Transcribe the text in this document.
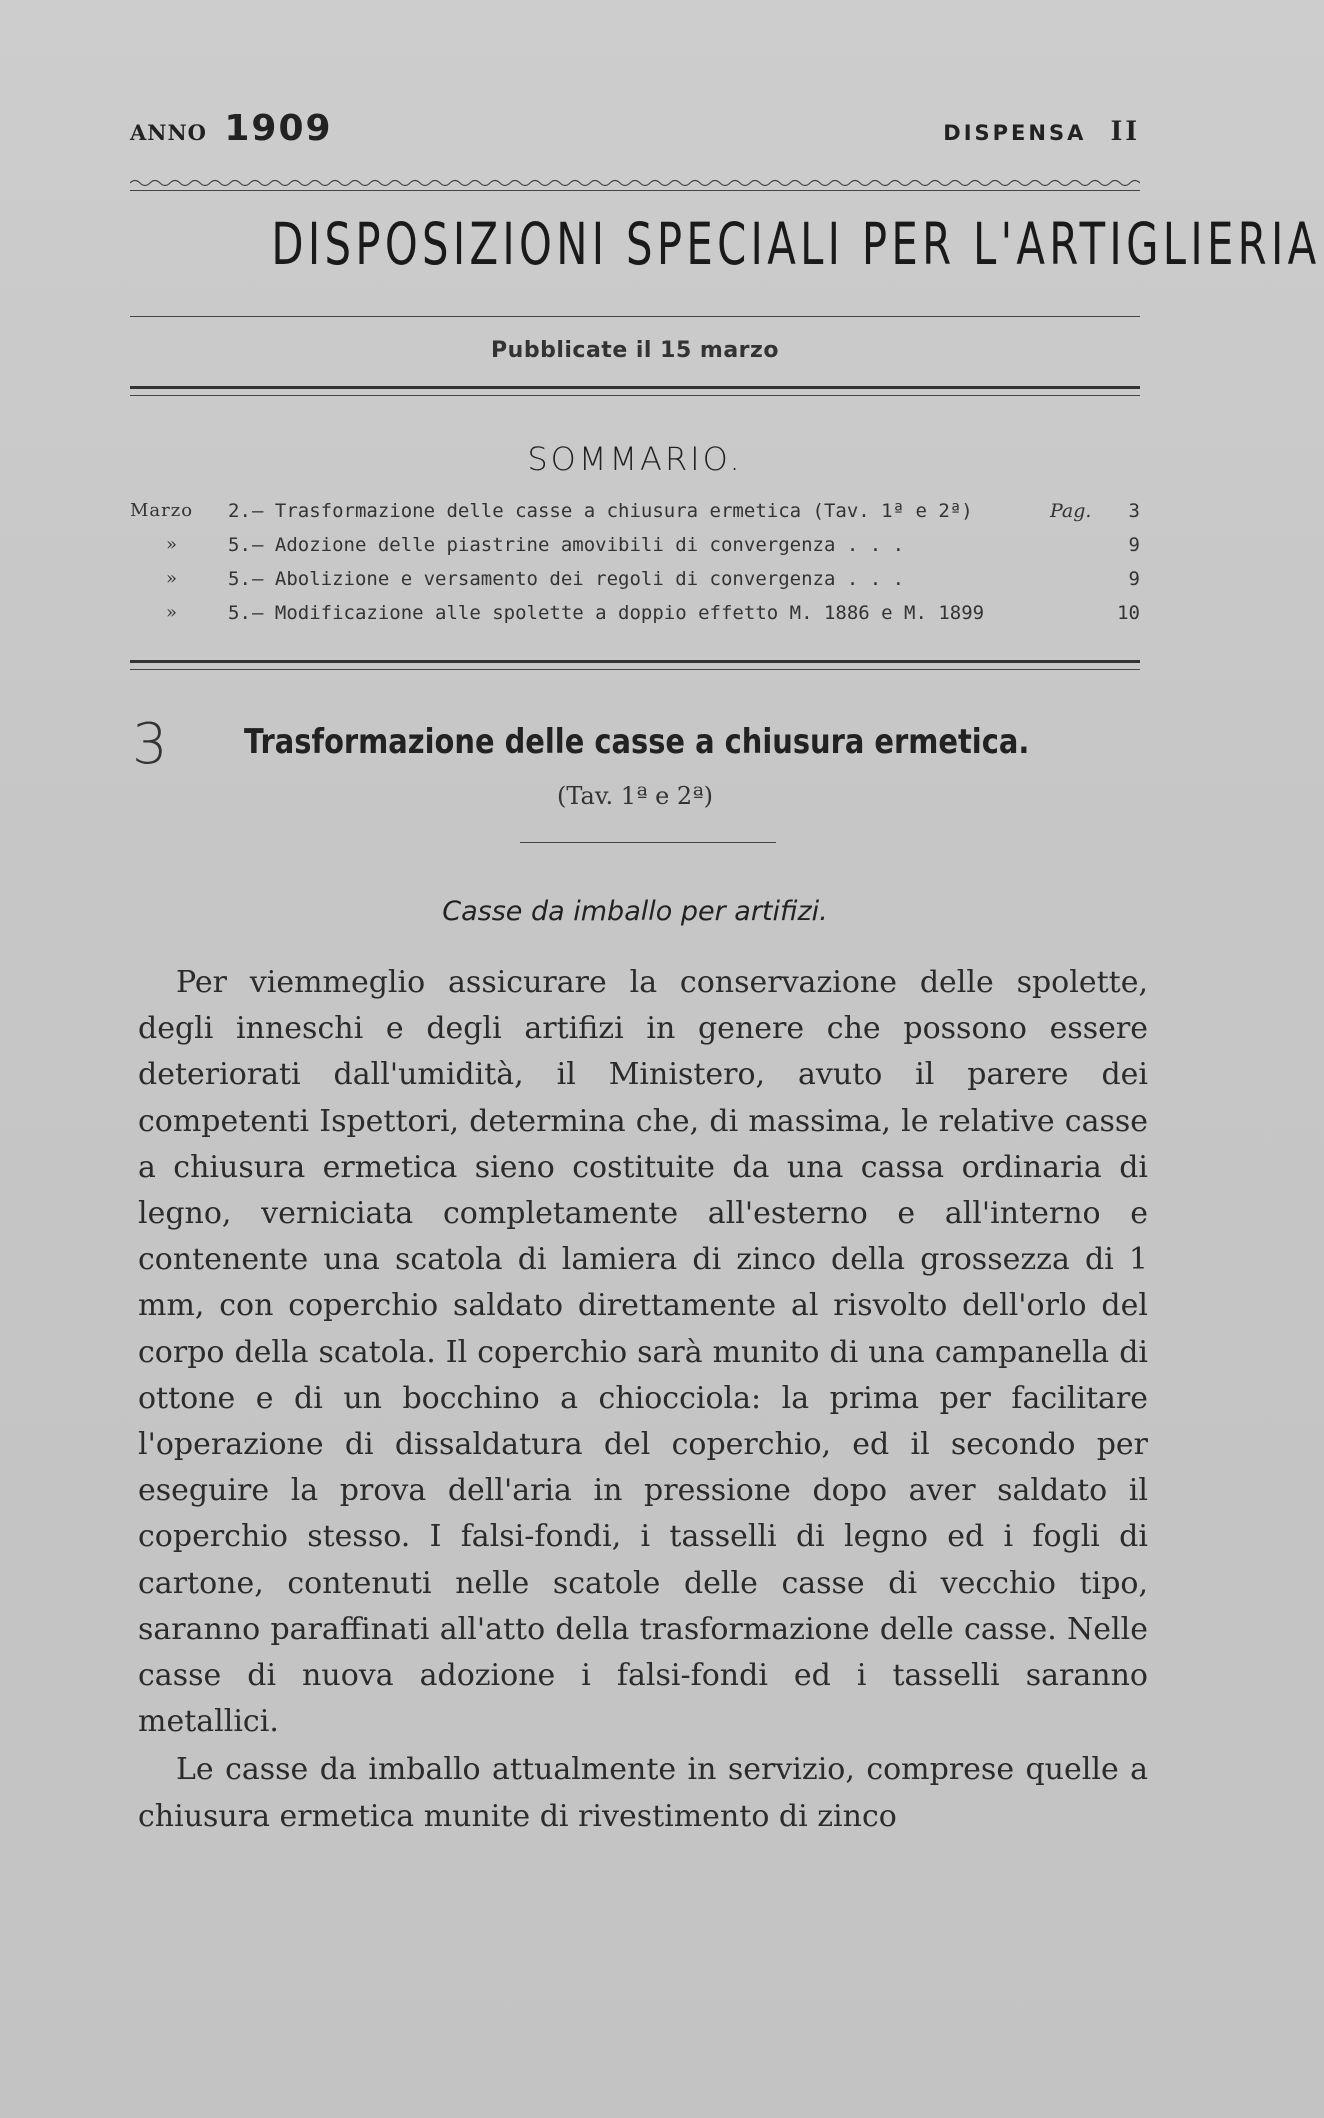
ANNO 1909	DISPENSA II
DISPOSIZIONI SPECIALI PER L'ARTIGLIERIA
Pubblicate il 15 marzo
SOMMARIO.
Marzo	2. — Trasformazione delle casse a chiusura ermetica (Tav. 1ª e 2ª)	Pag.	3
»	5. — Adozione delle piastrine amovibili di convergenza . . .	9
»	5. — Abolizione e versamento dei regoli di convergenza . . .	9
»	5. — Modificazione alle spolette a doppio effetto M. 1886 e M. 1899	10
3 Trasformazione delle casse a chiusura ermetica.
(Tav. 1ª e 2ª)
Casse da imballo per artifizi.

Per viemmeglio assicurare la conservazione delle spolette, degli inneschi e degli artifizi in genere che possono essere deteriorati dall'umidità, il Ministero, avuto il parere dei competenti Ispettori, determina che, di massima, le relative casse a chiusura ermetica sieno costituite da una cassa ordinaria di legno, verniciata completamente all'esterno e all'interno e contenente una scatola di lamiera di zinco della grossezza di 1 mm, con coperchio saldato direttamente al risvolto dell'orlo del corpo della scatola. Il coperchio sarà munito di una campanella di ottone e di un bocchino a chiocciola: la prima per facilitare l'operazione di dissaldatura del coperchio, ed il secondo per eseguire la prova dell'aria in pressione dopo aver saldato il coperchio stesso. I falsi-fondi, i tasselli di legno ed i fogli di cartone, contenuti nelle scatole delle casse di vecchio tipo, saranno paraffinati all'atto della trasformazione delle casse. Nelle casse di nuova adozione i falsi-fondi ed i tasselli saranno metallici.

Le casse da imballo attualmente in servizio, comprese quelle a chiusura ermetica munite di rivestimento di zinco
